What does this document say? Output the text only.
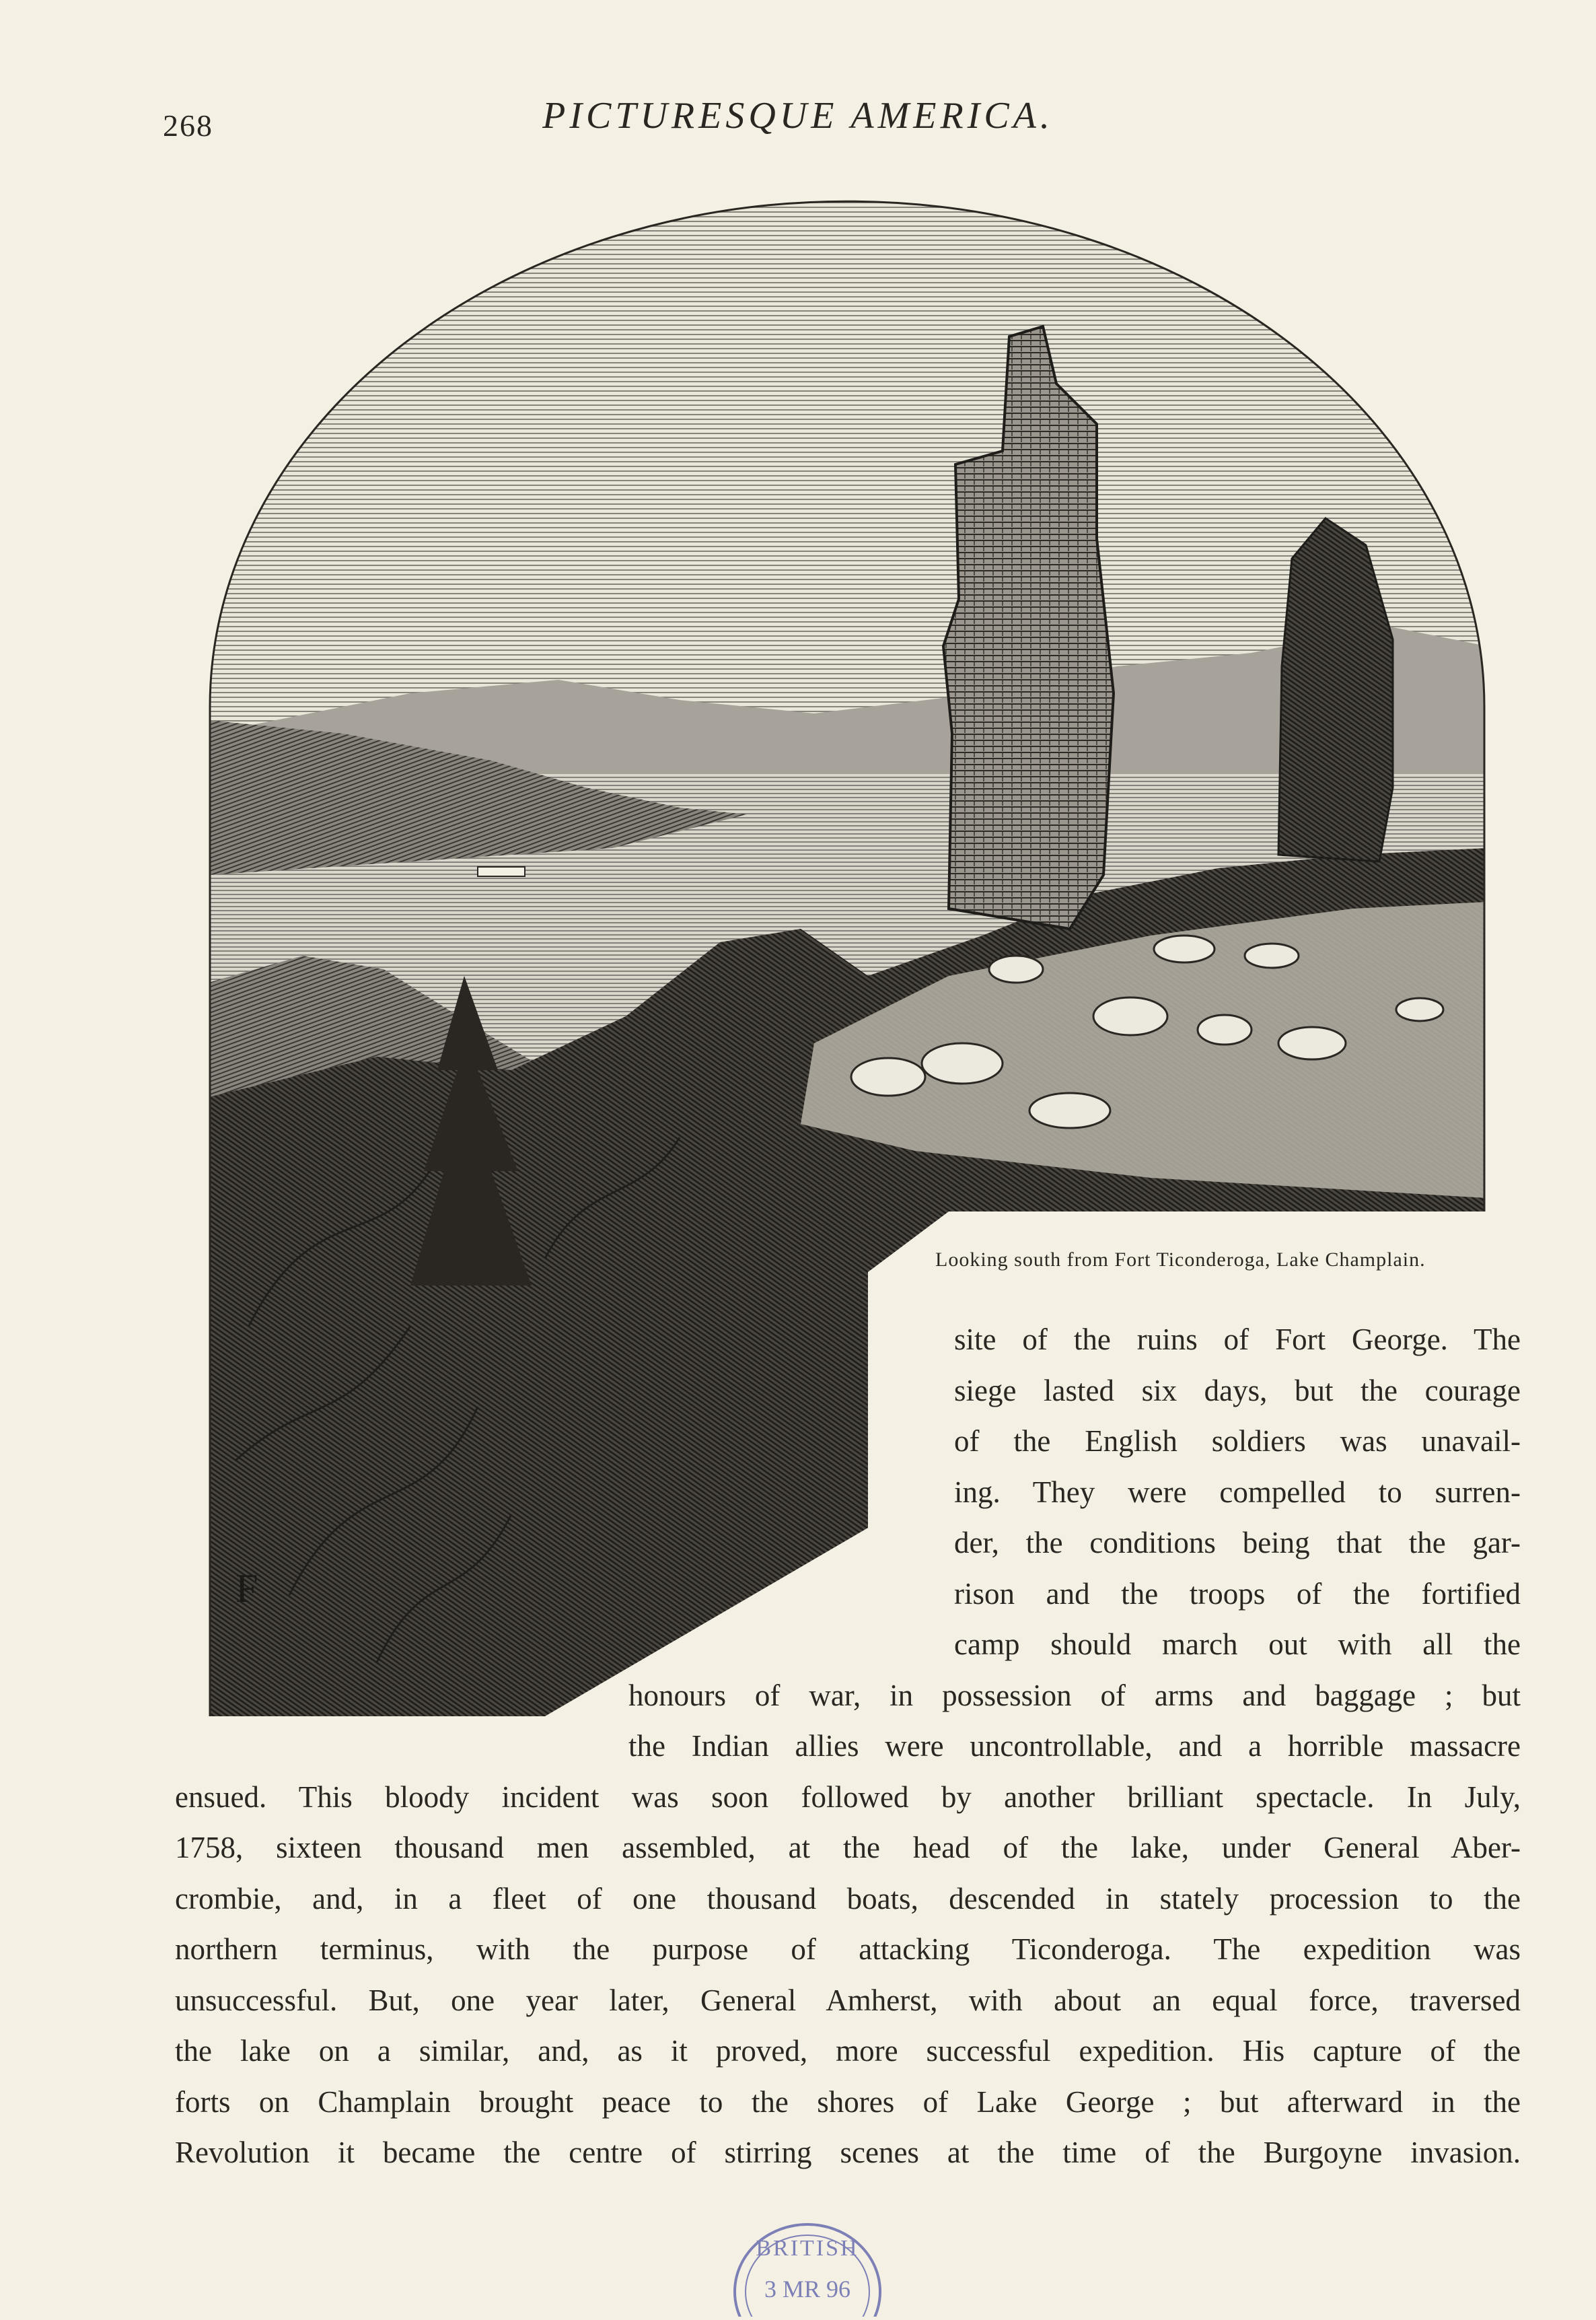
268	PICTURESQUE AMERICA.
F
Looking south from Fort Ticonderoga, Lake Champlain.
site of the ruins of Fort George. The
siege lasted six days, but the courage
of the English soldiers was unavail-
ing. They were compelled to surren-
der, the conditions being that the gar-
rison and the troops of the fortified
camp should march out with all the
honours of war, in possession of arms and baggage ; but
the Indian allies were uncontrollable, and a horrible massacre
ensued. This bloody incident was soon followed by another brilliant spectacle. In July,
1758, sixteen thousand men assembled, at the head of the lake, under General Aber-
crombie, and, in a fleet of one thousand boats, descended in stately procession to the
northern terminus, with the purpose of attacking Ticonderoga. The expedition was
unsuccessful. But, one year later, General Amherst, with about an equal force, traversed
the lake on a similar, and, as it proved, more successful expedition. His capture of the
forts on Champlain brought peace to the shores of Lake George ; but afterward in the
Revolution it became the centre of stirring scenes at the time of the Burgoyne invasion.
BRITISH
3 MR 96
